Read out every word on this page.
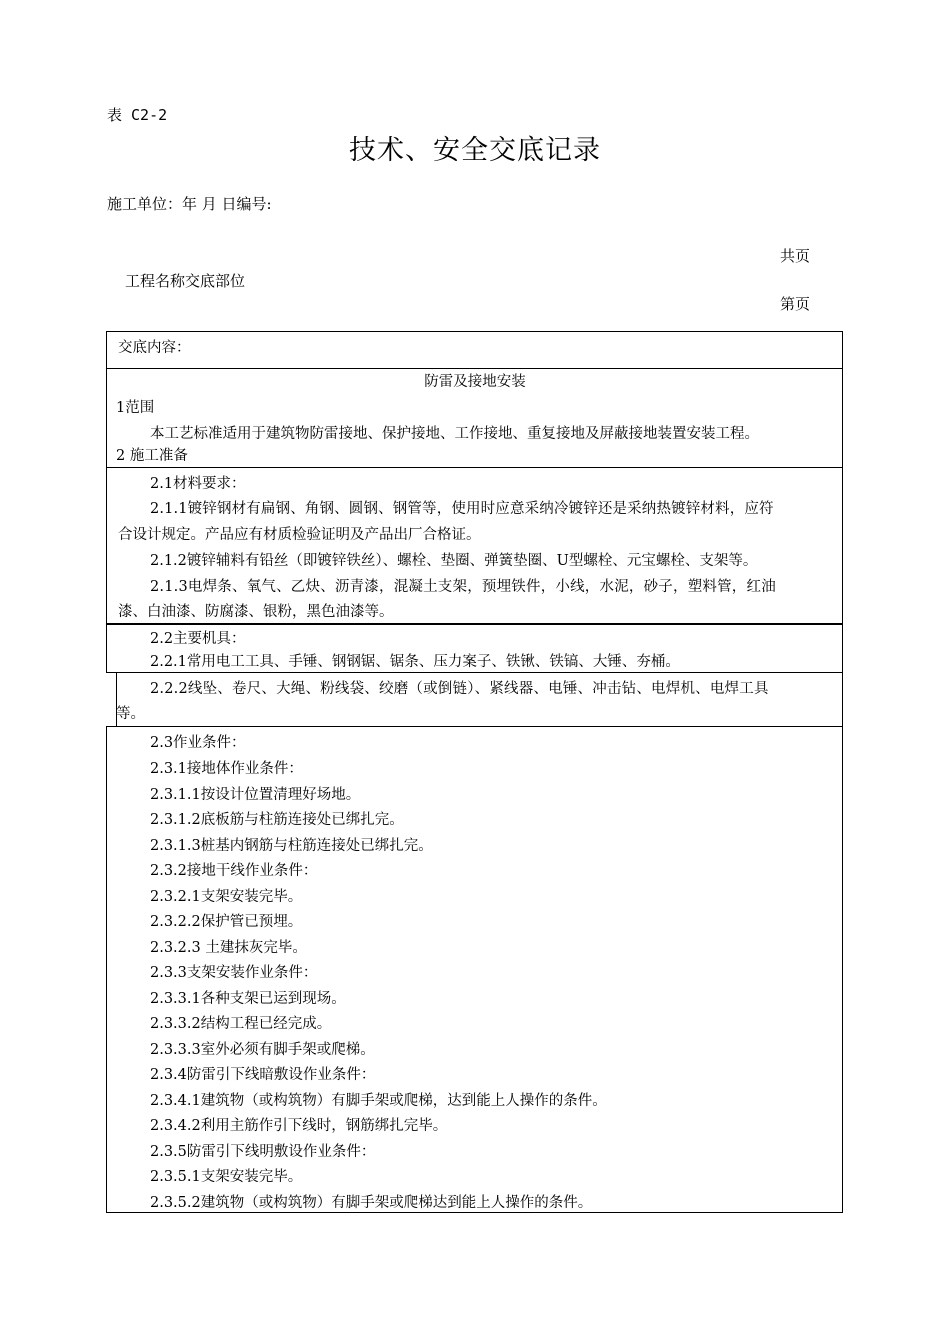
表 C2-2
技术、安全交底记录
施工单位：年 月 日编号:
共页
工程名称交底部位
第页
交底内容：
防雷及接地安装
1范围
本工艺标准适用于建筑物防雷接地、保护接地、工作接地、重复接地及屏蔽接地装置安装工程。
2 施工准备
2.1材料要求：
2.1.1镀锌钢材有扁钢、角钢、圆钢、钢管等，使用时应意采纳冷镀锌还是采纳热镀锌材料，应符
合设计规定。产品应有材质检验证明及产品出厂合格证。
2.1.2镀锌辅料有铅丝（即镀锌铁丝）、螺栓、垫圈、弹簧垫圈、U型螺栓、元宝螺栓、支架等。
2.1.3电焊条、氧气、乙炔、沥青漆，混凝土支架，预埋铁件，小线，水泥，砂子，塑料管，红油
漆、白油漆、防腐漆、银粉，黑色油漆等。
2.2主要机具：
2.2.1常用电工工具、手锤、钢钢锯、锯条、压力案子、铁锹、铁镐、大锤、夯桶。
2.2.2线坠、卷尺、大绳、粉线袋、绞磨（或倒链）、紧线器、电锤、冲击钻、电焊机、电焊工具
等。
2.3作业条件：
2.3.1接地体作业条件：
2.3.1.1按设计位置清理好场地。
2.3.1.2底板筋与柱筋连接处已绑扎完。
2.3.1.3桩基内钢筋与柱筋连接处已绑扎完。
2.3.2接地干线作业条件：
2.3.2.1支架安装完毕。
2.3.2.2保护管已预埋。
2.3.2.3 土建抹灰完毕。
2.3.3支架安装作业条件：
2.3.3.1各种支架已运到现场。
2.3.3.2结构工程已经完成。
2.3.3.3室外必须有脚手架或爬梯。
2.3.4防雷引下线暗敷设作业条件：
2.3.4.1建筑物（或构筑物）有脚手架或爬梯，达到能上人操作的条件。
2.3.4.2利用主筋作引下线时，钢筋绑扎完毕。
2.3.5防雷引下线明敷设作业条件：
2.3.5.1支架安装完毕。
2.3.5.2建筑物（或构筑物）有脚手架或爬梯达到能上人操作的条件。
